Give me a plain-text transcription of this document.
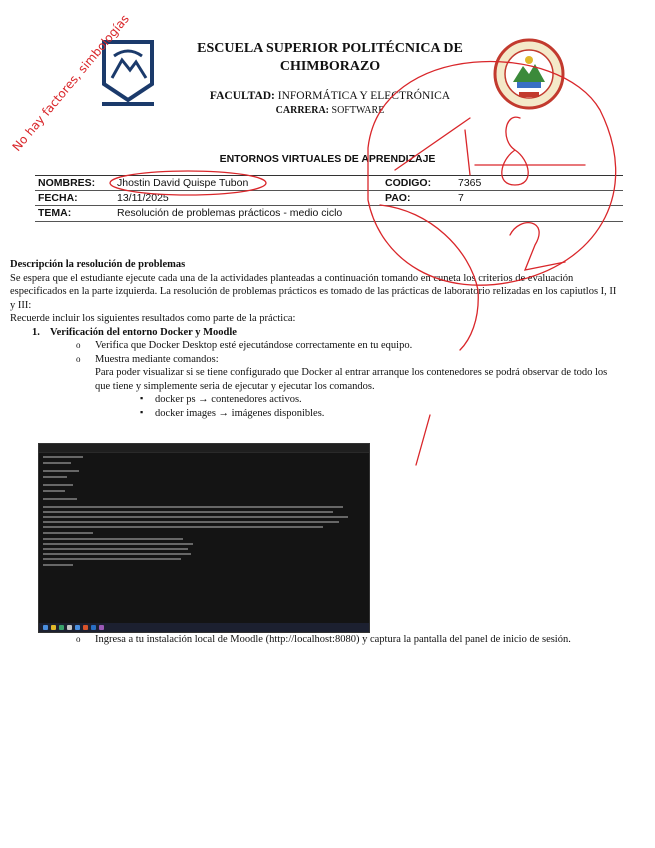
ESCUELA SUPERIOR POLITÉCNICA DE CHIMBORAZO
FACULTAD: INFORMÁTICA Y ELECTRÓNICA
CARRERA: SOFTWARE
ENTORNOS VIRTUALES DE APRENDIZAJE
NOMBRES: Jhostin David Quispe Tubon	CODIGO:	7365
FECHA:	13/11/2025	PAO:	7
TEMA:	Resolución de problemas prácticos - medio ciclo

Descripción la resolución de problemas

Se espera que el estudiante ejecute cada una de la actividades planteadas a continuación tomando en cuneta los criterios de evaluación especificados en la parte izquierda. La resolución de problemas prácticos es tomado de las prácticas de laboratorio relizadas en los capiutlos I, II y III:

Recuerde incluir los siguientes resultados como parte de la práctica:

1. Verificación del entorno Docker y Moodle

o Verifica que Docker Desktop esté ejecutándose correctamente en tu equipo.

o Muestra mediante comandos:

Para poder visualizar si se tiene configurado que Docker al entrar arranque los contenedores se podrá observar de todo los que tiene y simplemente seria de ejecutar y ejecutar los comandos.

▪ docker ps → contenedores activos.

▪ docker images → imágenes disponibles.

o Ingresa a tu instalación local de Moodle (http://localhost:8080) y captura la pantalla del panel de inicio de sesión.

No hay factores, simbologías
